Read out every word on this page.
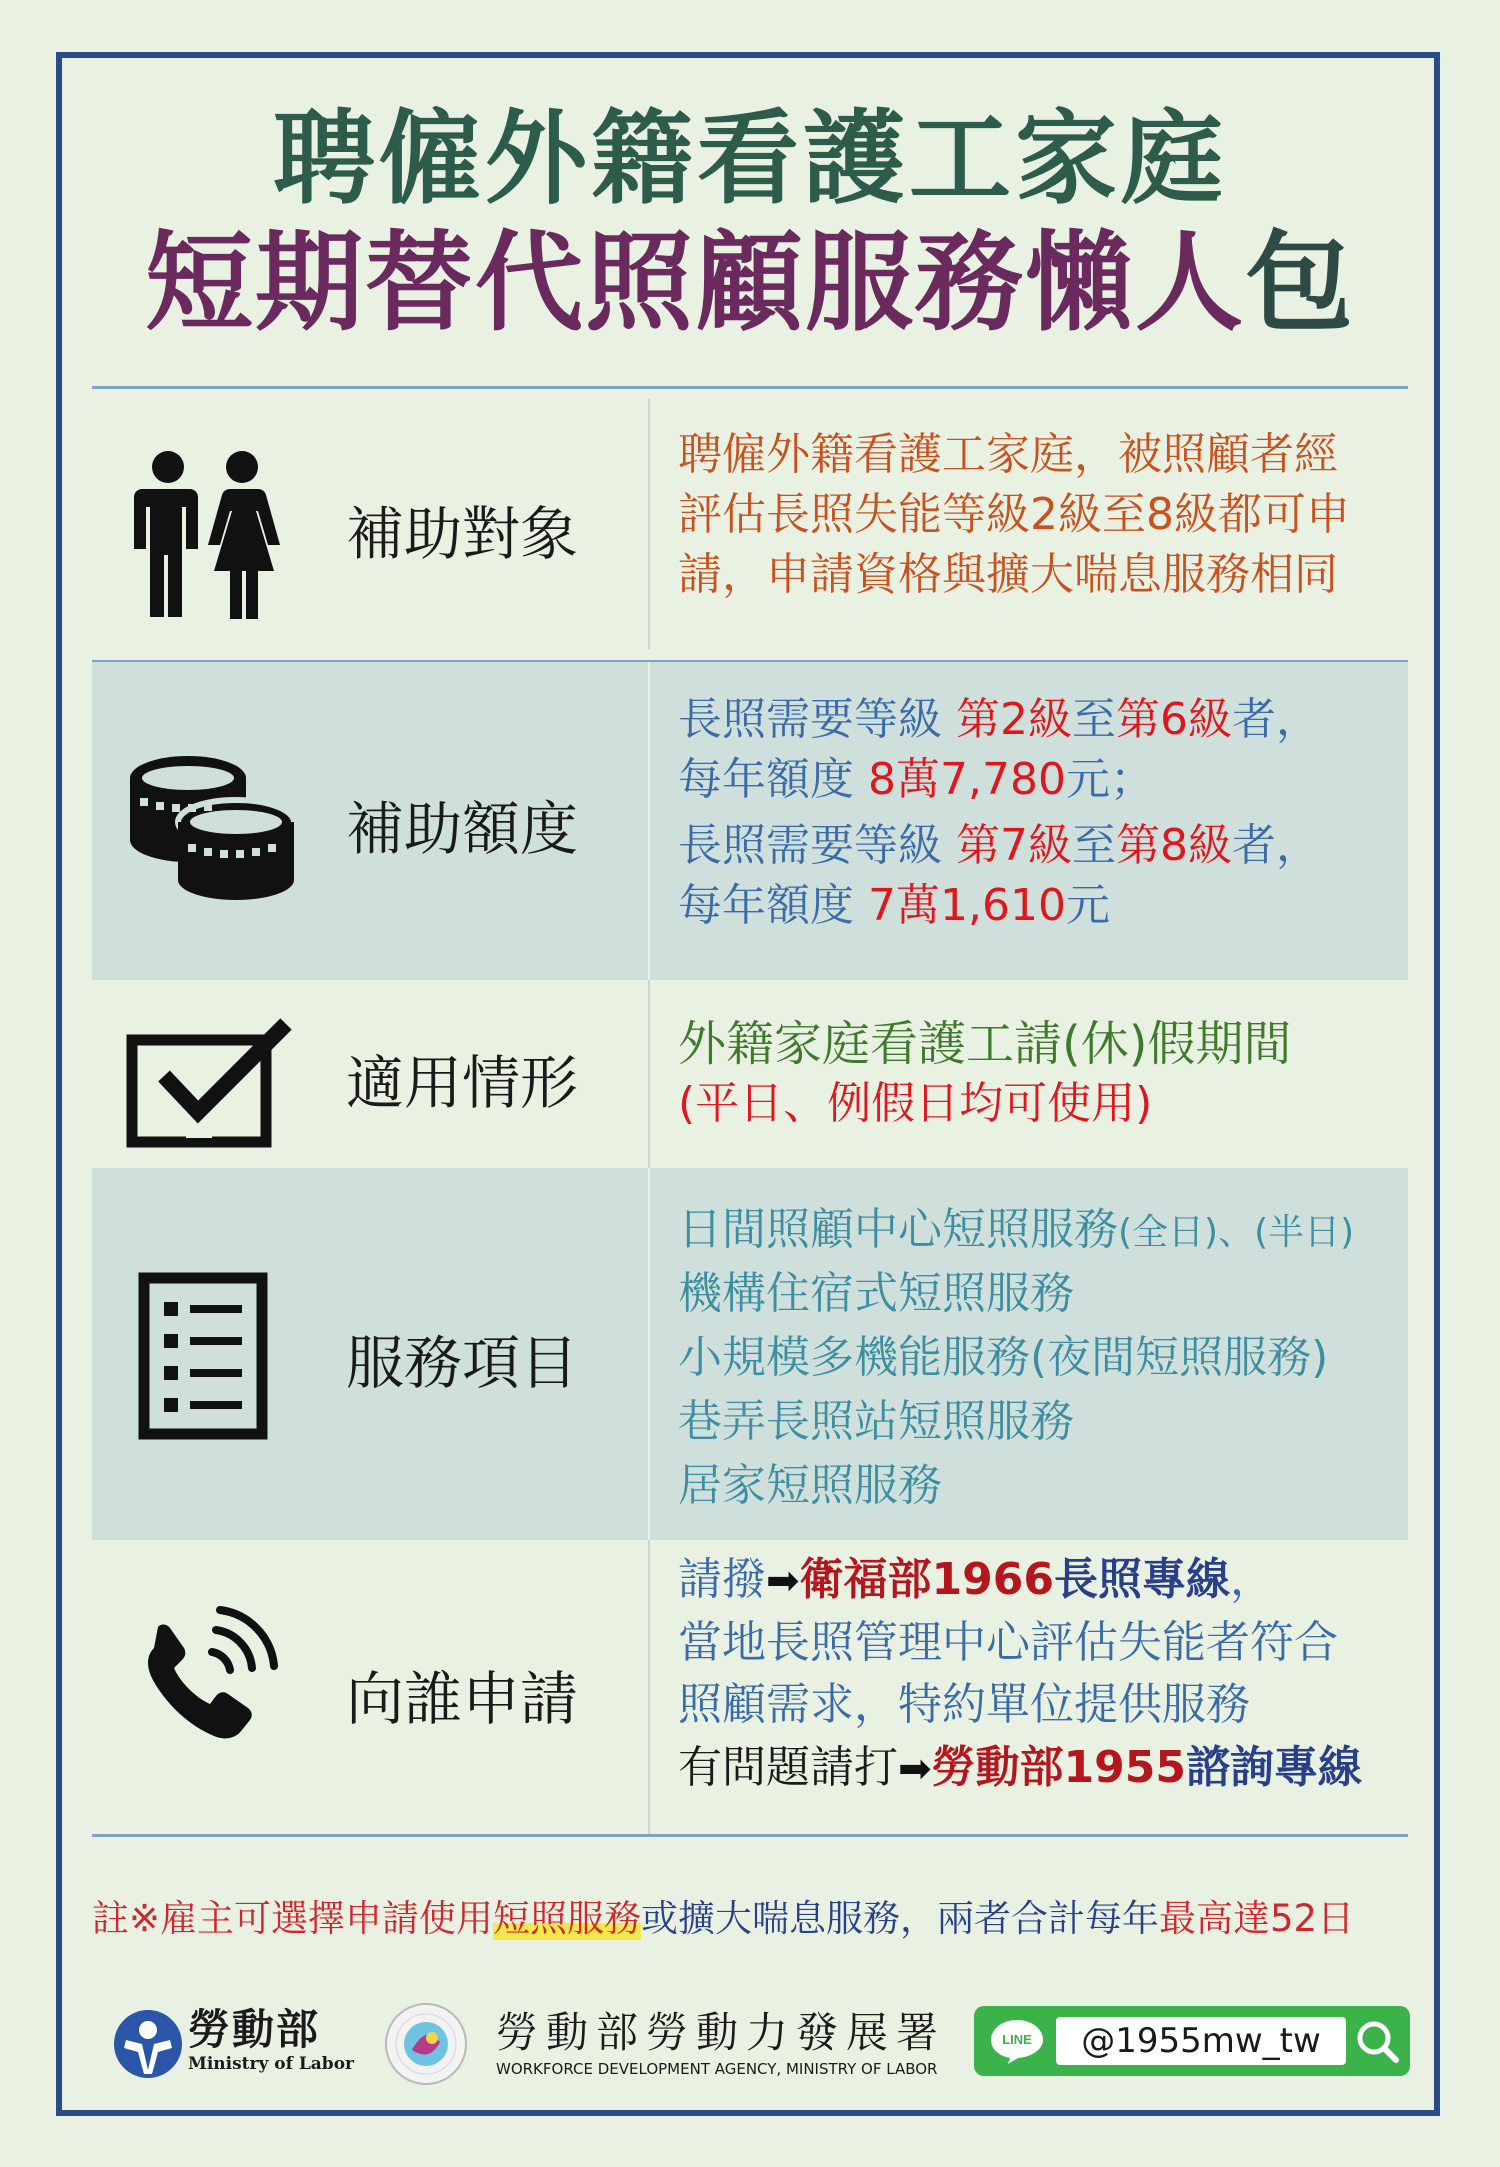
聘僱外籍看護工家庭
短期替代照顧服務懶人包
補助對象
聘僱外籍看護工家庭，被照顧者經
評估長照失能等級2級至8級都可申
請，申請資格與擴大喘息服務相同
補助額度
長照需要等級 第2級至第6級者，
每年額度 8萬7,780元；
長照需要等級 第7級至第8級者，
每年額度 7萬1,610元
適用情形
外籍家庭看護工請(休)假期間
(平日、例假日均可使用)
服務項目
日間照顧中心短照服務(全日)、(半日)
機構住宿式短照服務
小規模多機能服務(夜間短照服務)
巷弄長照站短照服務
居家短照服務
向誰申請
請撥➡衛福部1966長照專線，
當地長照管理中心評估失能者符合
照顧需求，特約單位提供服務
有問題請打➡勞動部1955諮詢專線
註※雇主可選擇申請使用短照服務或擴大喘息服務，兩者合計每年最高達52日
勞動部
Ministry of Labor
勞動部勞動力發展署
WORKFORCE DEVELOPMENT AGENCY, MINISTRY OF LABOR
LINE	@1955mw_tw
